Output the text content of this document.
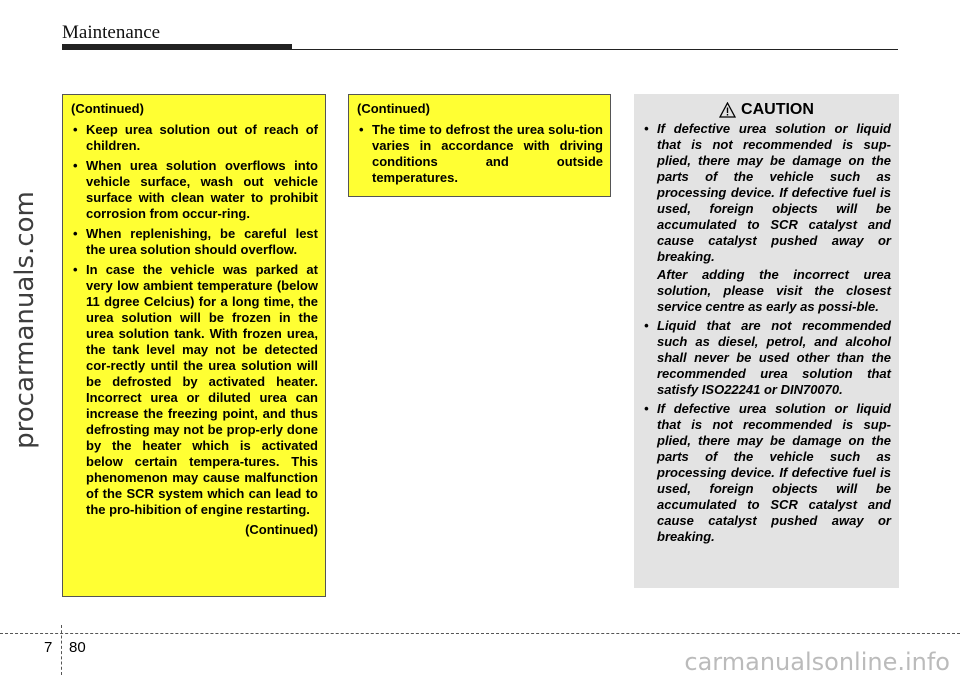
Maintenance
procarmanuals.com
(Continued)
• Keep urea solution out of reach of children.
• When urea solution overflows into vehicle surface, wash out vehicle surface with clean water to prohibit corrosion from occur-ring.
• When replenishing, be careful lest the urea solution should overflow.
• In case the vehicle was parked at very low ambient temperature (below 11 dgree Celcius) for a long time, the urea solution will be frozen in the urea solution tank. With frozen urea, the tank level may not be detected cor-rectly until the urea solution will be defrosted by activated heater. Incorrect urea or diluted urea can increase the freezing point, and thus defrosting may not be prop-erly done by the heater which is activated below certain tempera-tures. This phenomenon may cause malfunction of the SCR system which can lead to the pro-hibition of engine restarting.
(Continued)
(Continued)
• The time to defrost the urea solu-tion varies in accordance with driving conditions and outside temperatures.
CAUTION
• If defective urea solution or liquid that is not recommended is sup-plied, there may be damage on the parts of the vehicle such as processing device. If defective fuel is used, foreign objects will be accumulated to SCR catalyst and cause catalyst pushed away or breaking.
After adding the incorrect urea solution, please visit the closest service centre as early as possi-ble.
• Liquid that are not recommended such as diesel, petrol, and alcohol shall never be used other than the recommended urea solution that satisfy ISO22241 or DIN70070.
• If defective urea solution or liquid that is not recommended is sup-plied, there may be damage on the parts of the vehicle such as processing device. If defective fuel is used, foreign objects will be accumulated to SCR catalyst and cause catalyst pushed away or breaking.
7 80
carmanualsonline.info
